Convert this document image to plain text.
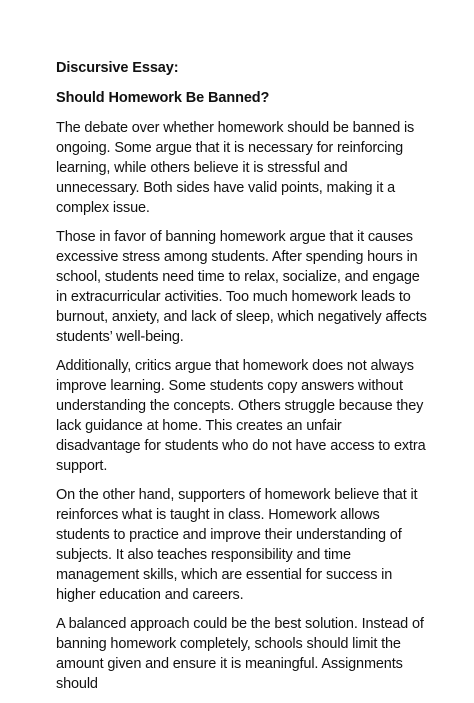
Discursive Essay:

Should Homework Be Banned?

The debate over whether homework should be banned is ongoing. Some argue that it is necessary for reinforcing learning, while others believe it is stressful and unnecessary. Both sides have valid points, making it a complex issue.

Those in favor of banning homework argue that it causes excessive stress among students. After spending hours in school, students need time to relax, socialize, and engage in extracurricular activities. Too much homework leads to burnout, anxiety, and lack of sleep, which negatively affects students’ well-being.

Additionally, critics argue that homework does not always improve learning. Some students copy answers without understanding the concepts. Others struggle because they lack guidance at home. This creates an unfair disadvantage for students who do not have access to extra support.

On the other hand, supporters of homework believe that it reinforces what is taught in class. Homework allows students to practice and improve their understanding of subjects. It also teaches responsibility and time management skills, which are essential for success in higher education and careers.

A balanced approach could be the best solution. Instead of banning homework completely, schools should limit the amount given and ensure it is meaningful. Assignments should
